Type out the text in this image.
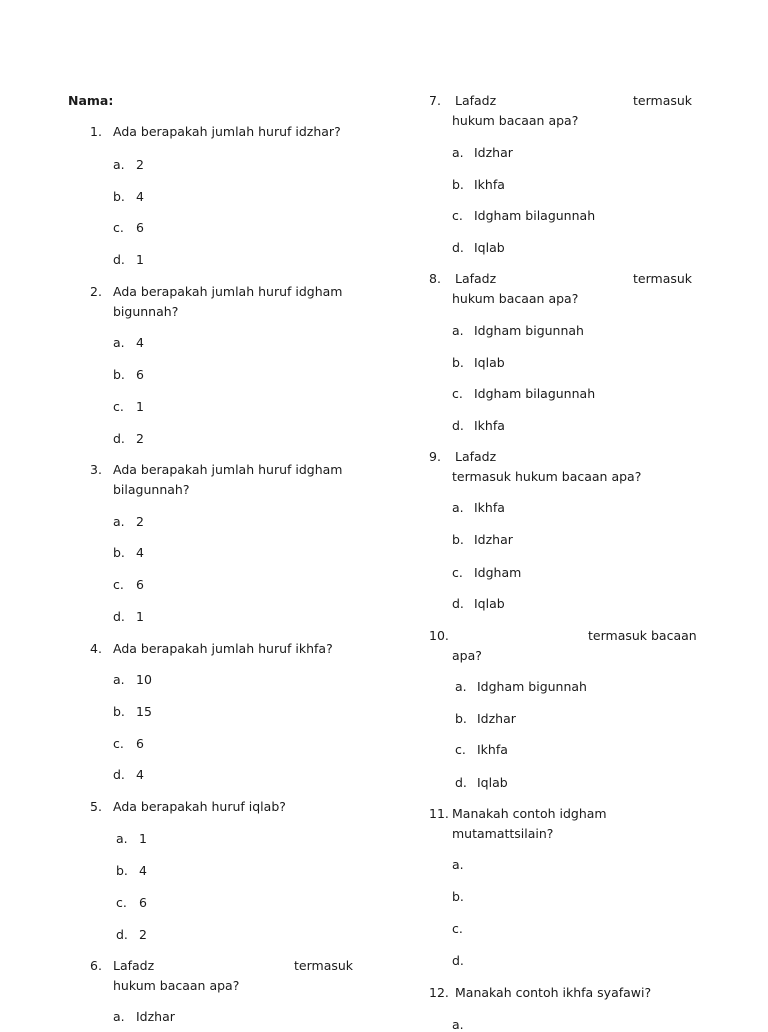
Nama:
1. Ada berapakah jumlah huruf idzhar?
a. 2
b. 4
c. 6
d. 1
2. Ada berapakah jumlah huruf idgham
bigunnah?
a. 4
b. 6
c. 1
d. 2
3. Ada berapakah jumlah huruf idgham
bilagunnah?
a. 2
b. 4
c. 6
d. 1
4. Ada berapakah jumlah huruf ikhfa?
a. 10
b. 15
c. 6
d. 4
5. Ada berapakah huruf iqlab?
a. 1
b. 4
c. 6
d. 2
6. Lafadz	termasuk
hukum bacaan apa?
a. Idzhar
7. Lafadz	termasuk
hukum bacaan apa?
a. Idzhar
b. Ikhfa
c. Idgham bilagunnah
d. Iqlab
8. Lafadz	termasuk
hukum bacaan apa?
a. Idgham bigunnah
b. Iqlab
c. Idgham bilagunnah
d. Ikhfa
9. Lafadz
termasuk hukum bacaan apa?
a. Ikhfa
b. Idzhar
c. Idgham
d. Iqlab
10.	termasuk bacaan
apa?
a. Idgham bigunnah
b. Idzhar
c. Ikhfa
d. Iqlab
11. Manakah contoh idgham
mutamattsilain?
a.
b.
c.
d.
12. Manakah contoh ikhfa syafawi?
a.
